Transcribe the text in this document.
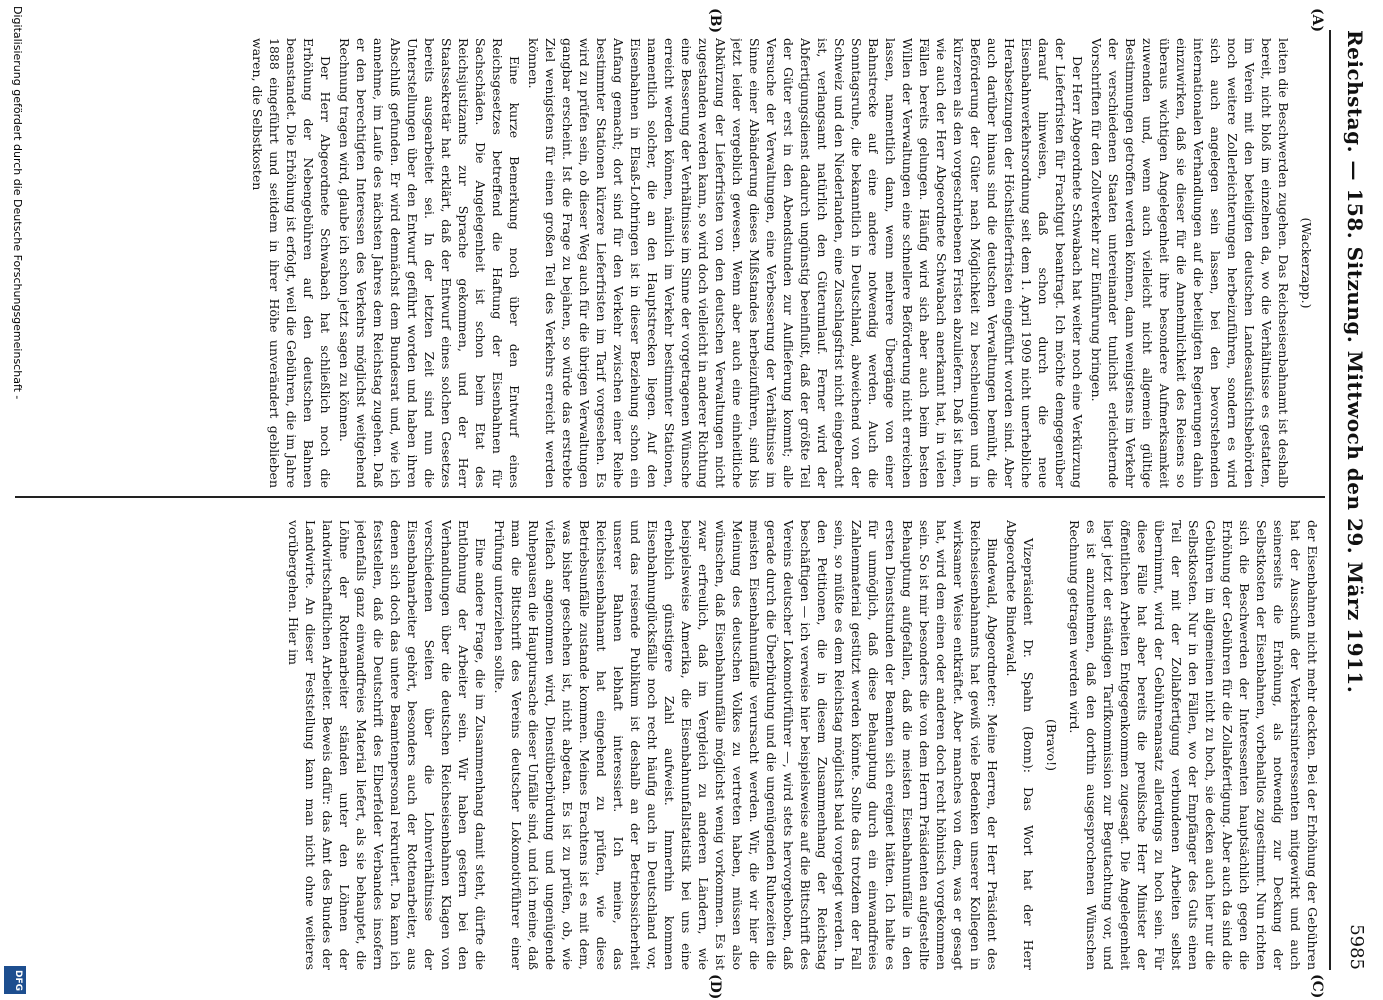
Reichstag. — 158. Sitzung. Mittwoch den 29. März 1911.
5985
(A)
(B)
(C)
(D)

(Wackerzapp.)

leiten die Beschwerden zugehen. Das Reichseisenbahnamt ist deshalb bereit, nicht bloß im einzelnen da, wo die Verhältnisse es gestatten, im Verein mit den beteiligten deutschen Landesaufsichtsbehörden noch weitere Zollerleichterungen herbeizuführen, sondern es wird sich auch angelegen sein lassen, bei den bevorstehenden internationalen Verhandlungen auf die beteiligten Regierungen dahin einzuwirken, daß sie dieser für die Annehmlichkeit des Reisens so überaus wichtigen Angelegenheit ihre besondere Aufmerksamkeit zuwenden und, wenn auch vielleicht nicht allgemein gültige Bestimmungen getroffen werden können, dann wenigstens im Verkehr der verschiedenen Staaten untereinander tunlichst erleichternde Vorschriften für den Zollverkehr zur Einführung bringen.

Der Herr Abgeordnete Schwabach hat weiter noch eine Verkürzung der Lieferfristen für Frachtgut beantragt. Ich möchte demgegenüber darauf hinweisen, daß schon durch die neue Eisenbahnverkehrsordnung seit dem 1. April 1909 nicht unerhebliche Herabsetzungen der Höchstlieferfristen eingeführt worden sind. Aber auch darüber hinaus sind die deutschen Verwaltungen bemüht, die Beförderung der Güter nach Möglichkeit zu beschleunigen und in kürzeren als den vorgeschriebenen Fristen abzuliefern. Daß ist ihnen, wie auch der Herr Abgeordnete Schwabach anerkannt hat, in vielen Fällen bereits gelungen. Häufig wird sich aber auch beim besten Willen der Verwaltungen eine schnellere Beförderung nicht erreichen lassen, namentlich dann, wenn mehrere Übergänge von einer Bahnstrecke auf eine andere notwendig werden. Auch die Sonntagsruhe, die bekanntlich in Deutschland, abweichend von der Schweiz und den Niederlanden, eine Zuschlagsfrist nicht eingebracht ist, verlangsamt natürlich den Güterumlauf. Ferner wird der Abfertigungsdienst dadurch ungünstig beeinflußt, daß der größte Teil der Güter erst in den Abendstunden zur Auflieferung kommt; alle Versuche der Verwaltungen, eine Verbesserung der Verhältnisse im Sinne einer Abänderung dieses Mißstandes herbeizuführen, sind bis jetzt leider vergeblich gewesen. Wenn aber auch eine einheitliche Abkürzung der Lieferfristen von den deutschen Verwaltungen nicht zugestanden werden kann, so wird doch vielleicht in anderer Richtung eine Besserung der Verhältnisse im Sinne der vorgetragenen Wünsche erreicht werden können, nämlich im Verkehr bestimmter Stationen, namentlich solcher, die an den Hauptstrecken liegen. Auf den Eisenbahnen in Elsaß-Lothringen ist in dieser Beziehung schon ein Anfang gemacht; dort sind für den Verkehr zwischen einer Reihe bestimmter Stationen kürzere Lieferfristen im Tarif vorgesehen. Es wird zu prüfen sein, ob dieser Weg auch für die übrigen Verwaltungen gangbar erscheint. Ist die Frage zu bejahen, so würde das erstrebte Ziel wenigstens für einen großen Teil des Verkehrs erreicht werden können.

Eine kurze Bemerkung noch über den Entwurf eines Reichsgesetzes betreffend die Haftung der Eisenbahnen für Sachschäden. Die Angelegenheit ist schon beim Etat des Reichsjustizamts zur Sprache gekommen, und der Herr Staatssekretär hat erklärt, daß der Entwurf eines solchen Gesetzes bereits ausgearbeitet sei. In der letzten Zeit sind nun die Unterstellungen über den Entwurf geführt worden und haben ihren Abschluß gefunden. Er wird demnächst dem Bundesrat und, wie ich annehme, im Laufe des nächsten Jahres dem Reichstag zugehen. Daß er den berechtigten Interessen des Verkehrs möglichst weitgehend Rechnung tragen wird, glaube ich schon jetzt sagen zu können.

Der Herr Abgeordnete Schwabach hat schließlich noch die Erhöhung der Nebengebühren auf den deutschen Bahnen beanstandet. Die Erhöhung ist erfolgt, weil die Gebühren, die im Jahre 1888 eingeführt und seitdem in ihrer Höhe unverändert geblieben waren, die Selbstkosten

der Eisenbahnen nicht mehr deckten. Bei der Erhöhung der Gebühren hat der Ausschuß der Verkehrsinteressenten mitgewirkt und auch seinerseits die Erhöhung, als notwendig zur Deckung der Selbstkosten der Eisenbahnen, vorbehaltlos zugestimmt. Nun richten sich die Beschwerden der Interessenten hauptsächlich gegen die Erhöhung der Gebühren für die Zollabfertigung. Aber auch da sind die Gebühren im allgemeinen nicht zu hoch, sie decken auch hier nur die Selbstkosten. Nur in den Fällen, wo der Empfänger des Guts einen Teil der mit der Zollabfertigung verbundenen Arbeiten selbst übernimmt, wird der Gebührenansatz allerdings zu hoch sein. Für diese Fälle hat aber bereits die preußische Herr Minister der öffentlichen Arbeiten Entgegenkommen zugesagt. Die Angelegenheit liegt jetzt der ständigen Tarifkommission zur Begutachtung vor, und es ist anzunehmen, daß den dorthin ausgesprochenen Wünschen Rechnung getragen werden wird.

(Bravo!)

Vizepräsident Dr. Spahn (Bonn): Das Wort hat der Herr Abgeordnete Bindewald.

Bindewald, Abgeordneter: Meine Herren, der Herr Präsident des Reichseisenbahnamts hat gewiß viele Bedenken unserer Kollegen in wirksamer Weise entkräftet. Aber manches von dem, was er gesagt hat, wird dem einen oder anderen doch recht höhnisch vorgekommen sein. So ist mir besonders die von dem Herrn Präsidenten aufgestellte Behauptung aufgefallen, daß die meisten Eisenbahnunfälle in den ersten Dienststunden der Beamten sich ereignet hätten. Ich halte es für unmöglich, daß diese Behauptung durch ein einwandfreies Zahlenmaterial gestützt werden könnte. Sollte das trotzdem der Fall sein, so müßte es dem Reichstag möglichst bald vorgelegt werden. In den Petitionen, die in diesem Zusammenhang der Reichstag beschäftigen — ich verweise hier beispielsweise auf die Bittschrift des Vereins deutscher Lokomotivführer —, wird stets hervorgehoben, daß gerade durch die Überbürdung und die ungenügenden Ruhezeiten die meisten Eisenbahnunfälle verursacht werden. Wir, die wir hier die Meinung des deutschen Volkes zu vertreten haben, müssen also wünschen, daß Eisenbahnunfälle möglichst wenig vorkommen. Es ist zwar erfreulich, daß im Vergleich zu anderen Ländern, wie beispielsweise Amerika, die Eisenbahnunfallstatistik bei uns eine erheblich günstigere Zahl aufweist. Immerhin kommen Eisenbahnunglücksfälle noch recht häufig auch in Deutschland vor, und das reisende Publikum ist deshalb an der Betriebssicherheit unserer Bahnen lebhaft interessiert. Ich meine, das Reichseisenbahnamt hat eingehend zu prüfen, wie diese Betriebsunfälle zustande kommen. Meines Erachtens ist es mit dem, was bisher geschehen ist, nicht abgetan. Es ist zu prüfen, ob, wie vielfach angenommen wird, Dienstüberbürdung und ungenügende Ruhepausen die Hauptursache dieser Unfälle sind, und ich meine, daß man die Bittschrift des Vereins deutscher Lokomotivführer einer Prüfung unterziehen sollte.

Eine andere Frage, die im Zusammenhang damit steht, dürfte die Entlohnung der Arbeiter sein. Wir haben gestern bei den Verhandlungen über die deutschen Reichseisenbahnen Klagen von verschiedenen Seiten über die Lohnverhältnisse der Eisenbahnarbeiter gehört, besonders auch der Rottenarbeiter, aus denen sich doch das untere Beamtenpersonal rekrutiert. Da kann ich feststellen, daß die Deutschrift des Elberfelder Verbandes insofern jedenfalls ganz einwandfreies Material liefert, als sie behauptet, die Löhne der Rottenarbeiter ständen unter den Löhnen der landwirtschaftlichen Arbeiter. Beweis dafür: das Amt des Bundes der Landwirte. An dieser Feststellung kann man nicht ohne weiteres vorübergehen. Hier im

Digitalisierung gefördert durch die Deutsche Forschungsgemeinschaft -
DFG
